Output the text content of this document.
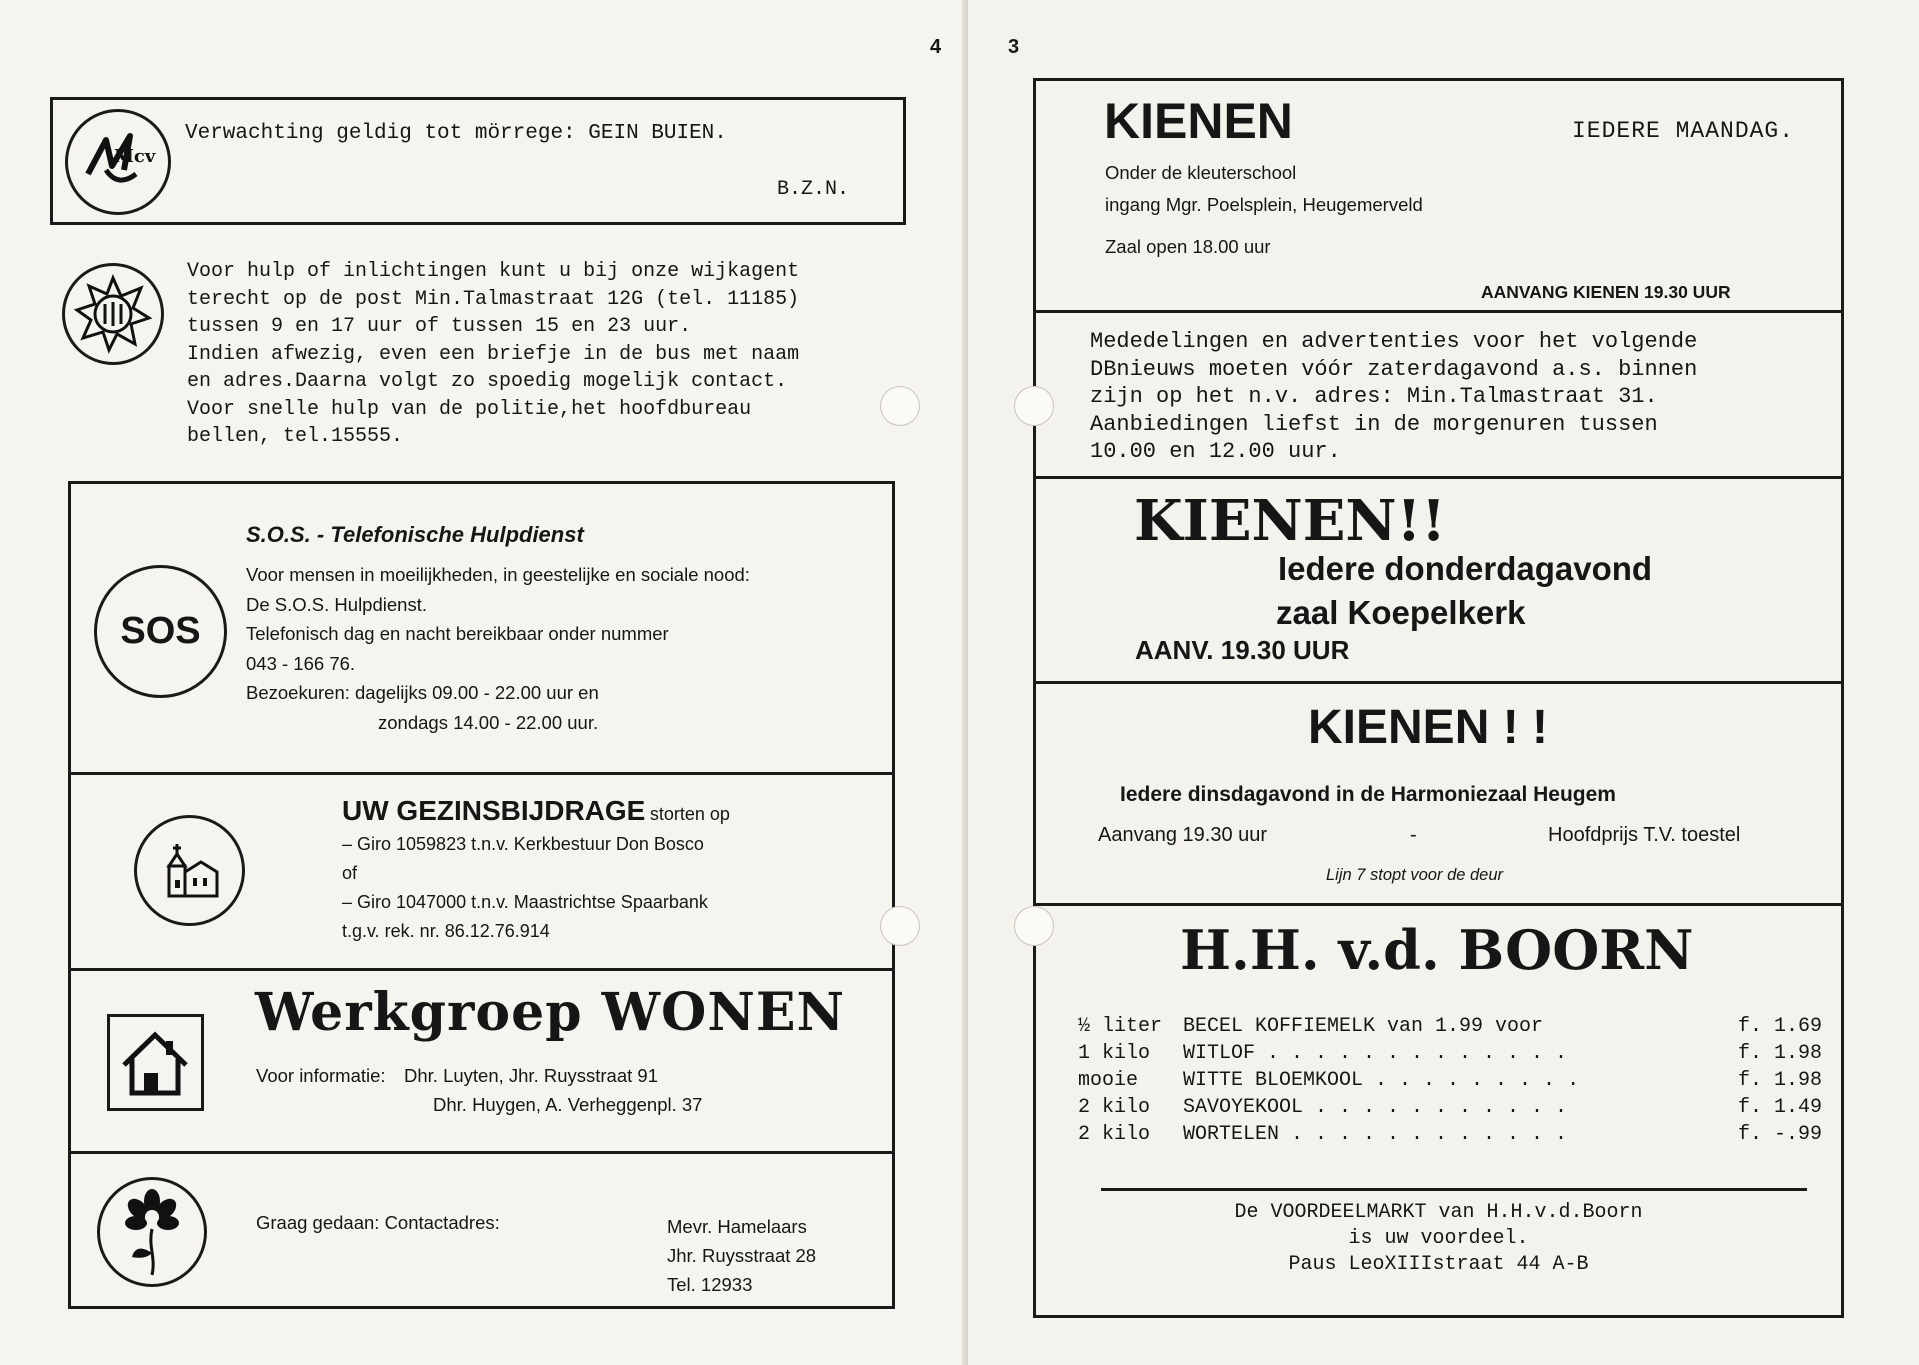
4
Mcv
Verwachting geldig tot mörrege: GEIN BUIEN.
B.Z.N.
Voor hulp of inlichtingen kunt u bij onze wijkagent
terecht op de post Min.Talmastraat 12G (tel. 11185)
tussen 9 en 17 uur of tussen 15 en 23 uur.
Indien afwezig, even een briefje in de bus met naam
en adres.Daarna volgt zo spoedig mogelijk contact.
Voor snelle hulp van de politie,het hoofdbureau
bellen, tel.15555.
SOS
S.O.S. - Telefonische Hulpdienst
Voor mensen in moeilijkheden, in geestelijke en sociale nood:
De S.O.S. Hulpdienst.
Telefonisch dag en nacht bereikbaar onder nummer
043 - 166 76.
Bezoekuren: dagelijks 09.00 - 22.00 uur en
zondags 14.00 - 22.00 uur.
UW GEZINSBIJDRAGE storten op
– Giro 1059823 t.n.v. Kerkbestuur Don Bosco
of
– Giro 1047000 t.n.v. Maastrichtse Spaarbank
t.g.v. rek. nr. 86.12.76.914
Werkgroep WONEN
Voor informatie: Dhr. Luyten, Jhr. Ruysstraat 91
Dhr. Huygen, A. Verheggenpl. 37
Graag gedaan: Contactadres:	Mevr. Hamelaars
Jhr. Ruysstraat 28
Tel. 12933
3
KIENEN	IEDERE MAANDAG.
Onder de kleuterschool
ingang Mgr. Poelsplein, Heugemerveld
Zaal open 18.00 uur
AANVANG KIENEN 19.30 UUR
Mededelingen en advertenties voor het volgende
DBnieuws moeten vóór zaterdagavond a.s. binnen
zijn op het n.v. adres: Min.Talmastraat 31.
Aanbiedingen liefst in de morgenuren tussen
10.00 en 12.00 uur.
KIENEN!!
Iedere donderdagavond
zaal Koepelkerk
AANV. 19.30 UUR
KIENEN ! !
Iedere dinsdagavond in de Harmoniezaal Heugem
Aanvang 19.30 uur	-	Hoofdprijs T.V. toestel
Lijn 7 stopt voor de deur
H.H. v.d. BOORN
½ liter	BECEL KOFFIEMELK van 1.99 voor	f. 1.69
1 kilo	WITLOF . . . . . . . . . . . . .	f. 1.98
mooie	WITTE BLOEMKOOL . . . . . . . . .	f. 1.98
2 kilo	SAVOYEKOOL . . . . . . . . . . .	f. 1.49
2 kilo	WORTELEN . . . . . . . . . . . .	f. -.99
De VOORDEELMARKT van H.H.v.d.Boorn
is uw voordeel.
Paus LeoXIIIstraat 44 A-B
